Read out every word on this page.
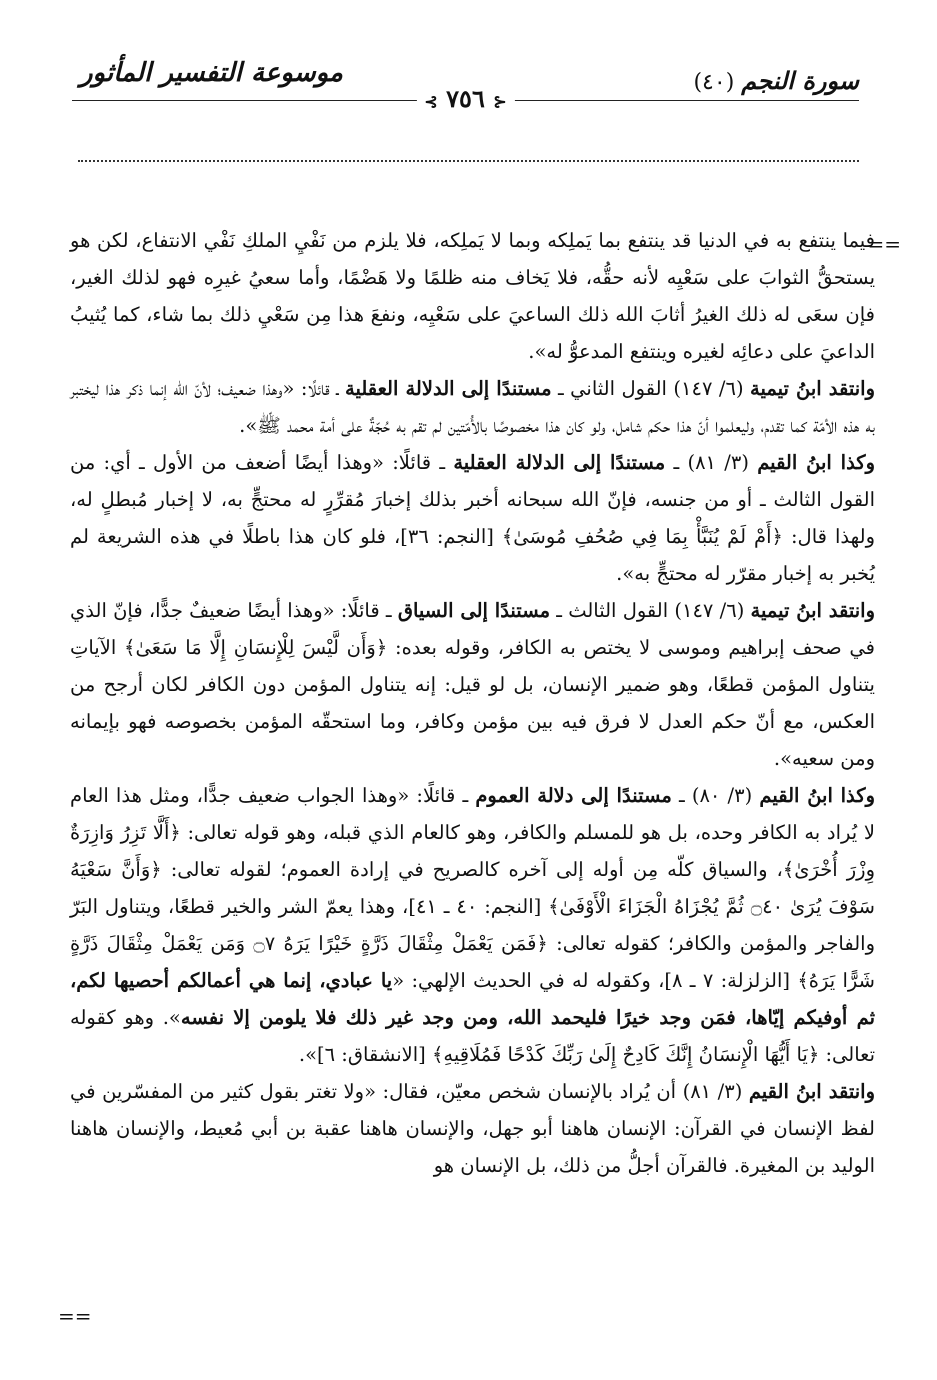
موسوعة التفسير المأثور	سورة النجم (٤٠)
⊰ ٧٥٦ ⊱
==

فيما ينتفع به في الدنيا قد ينتفع بما يَملِكه وبما لا يَملِكه، فلا يلزم من نَفْيِ الملكِ نَفْي الانتفاع، لكن هو يستحقُّ الثوابَ على سَعْيِه لأنه حقُّه، فلا يَخاف منه ظلمًا ولا هَضْمًا، وأما سعيُ غيرِه فهو لذلك الغير، فإن سعَى له ذلك الغيرُ أثابَ الله ذلك الساعيَ على سَعْيِه، ونفعَ هذا مِن سَعْيِ ذلك بما شاء، كما يُثيبُ الداعيَ على دعائِه لغيره وينتفع المدعوُّ له».

وانتقد ابنُ تيمية (٦/ ١٤٧) القول الثاني ـ مستندًا إلى الدلالة العقلية ـ قائلًا: «وهذا ضعيف؛ لأنّ الله إنما ذكر هذا ليختبر به هذه الأمّة كما تقدم، وليعلموا أنّ هذا حكم شامل، ولو كان هذا مخصوصًا بالأُمّتين لم تقم به حُجّةٌ على أمة محمد ﷺ».

وكذا ابنُ القيم (٣/ ٨١) ـ مستندًا إلى الدلالة العقلية ـ قائلًا: «وهذا أيضًا أضعف من الأول ـ أي: من القول الثالث ـ أو من جنسه، فإنّ الله سبحانه أخبر بذلك إخبارَ مُقرِّرٍ له محتجٍّ به، لا إخبار مُبطلٍ له، ولهذا قال: ﴿أَمْ لَمْ يُنَبَّأْ بِمَا فِي صُحُفِ مُوسَىٰ﴾ [النجم: ٣٦]، فلو كان هذا باطلًا في هذه الشريعة لم يُخبر به إخبار مقرّر له محتجٍّ به».

وانتقد ابنُ تيمية (٦/ ١٤٧) القول الثالث ـ مستندًا إلى السياق ـ قائلًا: «وهذا أيضًا ضعيفٌ جدًّا، فإنّ الذي في صحف إبراهيم وموسى لا يختص به الكافر، وقوله بعده: ﴿وَأَن لَّيْسَ لِلْإِنسَانِ إِلَّا مَا سَعَىٰ﴾ الآياتِ يتناول المؤمن قطعًا، وهو ضمير الإنسان، بل لو قيل: إنه يتناول المؤمن دون الكافر لكان أرجح من العكس، مع أنّ حكم العدل لا فرق فيه بين مؤمن وكافر، وما استحقّه المؤمن بخصوصه فهو بإيمانه ومن سعيه».

وكذا ابنُ القيم (٣/ ٨٠) ـ مستندًا إلى دلالة العموم ـ قائلًا: «وهذا الجواب ضعيف جدًّا، ومثل هذا العام لا يُراد به الكافر وحده، بل هو للمسلم والكافر، وهو كالعام الذي قبله، وهو قوله تعالى: ﴿أَلَّا تَزِرُ وَازِرَةٌ وِزْرَ أُخْرَىٰ﴾، والسياق كلّه مِن أوله إلى آخره كالصريح في إرادة العموم؛ لقوله تعالى: ﴿وَأَنَّ سَعْيَهُ سَوْفَ يُرَىٰ ۝٤٠ ثُمَّ يُجْزَاهُ الْجَزَاءَ الْأَوْفَىٰ﴾ [النجم: ٤٠ ـ ٤١]، وهذا يعمّ الشر والخير قطعًا، ويتناول البَرّ والفاجر والمؤمن والكافر؛ كقوله تعالى: ﴿فَمَن يَعْمَلْ مِثْقَالَ ذَرَّةٍ خَيْرًا يَرَهُ ۝٧ وَمَن يَعْمَلْ مِثْقَالَ ذَرَّةٍ شَرًّا يَرَهُ﴾ [الزلزلة: ٧ ـ ٨]، وكقوله له في الحديث الإلهي: «يا عبادي، إنما هي أعمالكم أحصيها لكم، ثم أوفيكم إيّاها، فمَن وجد خيرًا فليحمد الله، ومن وجد غير ذلك فلا يلومن إلا نفسه». وهو كقوله تعالى: ﴿يَا أَيُّهَا الْإِنسَانُ إِنَّكَ كَادِحٌ إِلَىٰ رَبِّكَ كَدْحًا فَمُلَاقِيهِ﴾ [الانشقاق: ٦]».

وانتقد ابنُ القيم (٣/ ٨١) أن يُراد بالإنسان شخص معيّن، فقال: «ولا تغتر بقول كثير من المفسّرين في لفظ الإنسان في القرآن: الإنسان هاهنا أبو جهل، والإنسان هاهنا عقبة بن أبي مُعيط، والإنسان هاهنا الوليد بن المغيرة. فالقرآن أجلُّ من ذلك، بل الإنسان هو

==
